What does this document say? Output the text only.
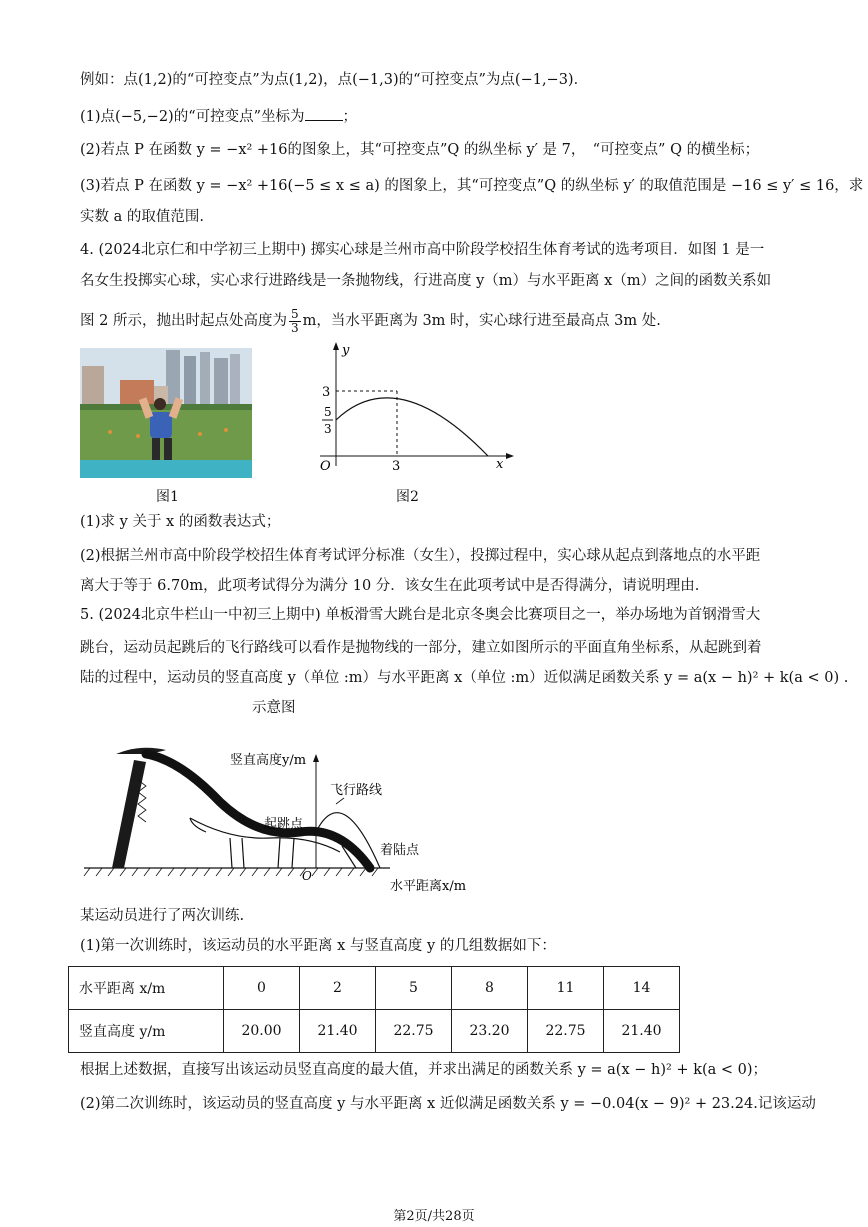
例如：点(1,2)的“可控变点”为点(1,2)，点(−1,3)的“可控变点”为点(−1,−3)．
(1)点(−5,−2)的“可控变点”坐标为	；
(2)若点 P 在函数 y = −x² +16的图象上，其“可控变点”Q 的纵坐标 y′ 是 7，　“可控变点” Q 的横坐标；
(3)若点 P 在函数 y = −x² +16(−5 ≤ x ≤ a) 的图象上，其“可控变点”Q 的纵坐标 y′ 的取值范围是 −16 ≤ y′ ≤ 16，求
实数 a 的取值范围.
4. (2024北京仁和中学初三上期中) 掷实心球是兰州市高中阶段学校招生体育考试的选考项目．如图 1 是一
名女生投掷实心球，实心求行进路线是一条抛物线，行进高度 y（m）与水平距离 x（m）之间的函数关系如
图 2 所示，抛出时起点处高度为 $\frac{5}{3}$ m，当水平距离为 3m 时，实心球行进至最高点 3m 处.
图1
y
x
O
3
3
5
3
图2
(1)求 y 关于 x 的函数表达式；
(2)根据兰州市高中阶段学校招生体育考试评分标准（女生），投掷过程中，实心球从起点到落地点的水平距
离大于等于 6.70m，此项考试得分为满分 10 分．该女生在此项考试中是否得满分，请说明理由.
5. (2024北京牛栏山一中初三上期中) 单板滑雪大跳台是北京冬奥会比赛项目之一，举办场地为首钢滑雪大
跳台，运动员起跳后的飞行路线可以看作是抛物线的一部分，建立如图所示的平面直角坐标系，从起跳到着
陆的过程中，运动员的竖直高度 y（单位 :m）与水平距离 x（单位 :m）近似满足函数关系 y = a(x − h)² + k(a < 0) .
示意图
竖直高度y/m
飞行路线
起跳点
着陆点
O
水平距离x/m
某运动员进行了两次训练.
(1)第一次训练时，该运动员的水平距离 x 与竖直高度 y 的几组数据如下：
水平距离 x/m	0	2	5	8	11	14
竖直高度 y/m	20.00	21.40	22.75	23.20	22.75	21.40
根据上述数据，直接写出该运动员竖直高度的最大值，并求出满足的函数关系 y = a(x − h)² + k(a < 0)；
(2)第二次训练时，该运动员的竖直高度 y 与水平距离 x 近似满足函数关系 y = −0.04(x − 9)² + 23.24.记该运动
第2页/共28页
